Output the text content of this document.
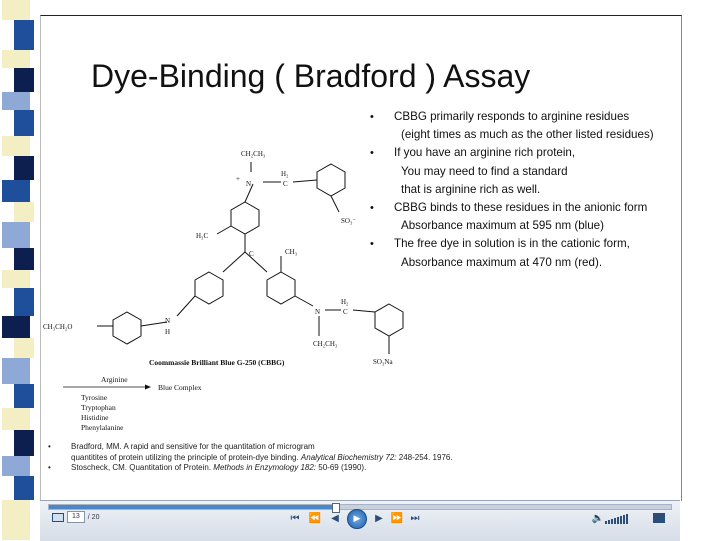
Dye-Binding ( Bradford ) Assay
• CBBG primarily responds to arginine residues
(eight times as much as the other listed residues)
• If you have an arginine rich protein,
You may need to find a standard
that is arginine rich as well.
• CBBG binds to these residues in the anionic form
Absorbance maximum at 595 nm (blue)
• The free dye in solution is in the cationic form,
Absorbance maximum at 470 nm (red).
CH₂CH₃
+
N
H₂
C
SO₃⁻
H₃C
CH₃
C
CH₃CH₂O
N
H
N
H₂
C
CH₂CH₃
SO₃Na
Coommassie Brilliant Blue G-250 (CBBG)
Arginine
Blue Complex
Tyrosine
Tryptophan
Histidine
Phenylalanine
•	Bradford, MM. A rapid and sensitive for the quantitation of microgram
quantitites of protein utilizing the principle of protein-dye binding. Analytical Biochemistry 72: 248-254. 1976.
•	Stoscheck, CM. Quantitation of Protein. Methods in Enzymology 182: 50-69 (1990).
13	/ 20	⏮ ⏪ ◀	▶	▶ ⏩ ⏭	🔈
